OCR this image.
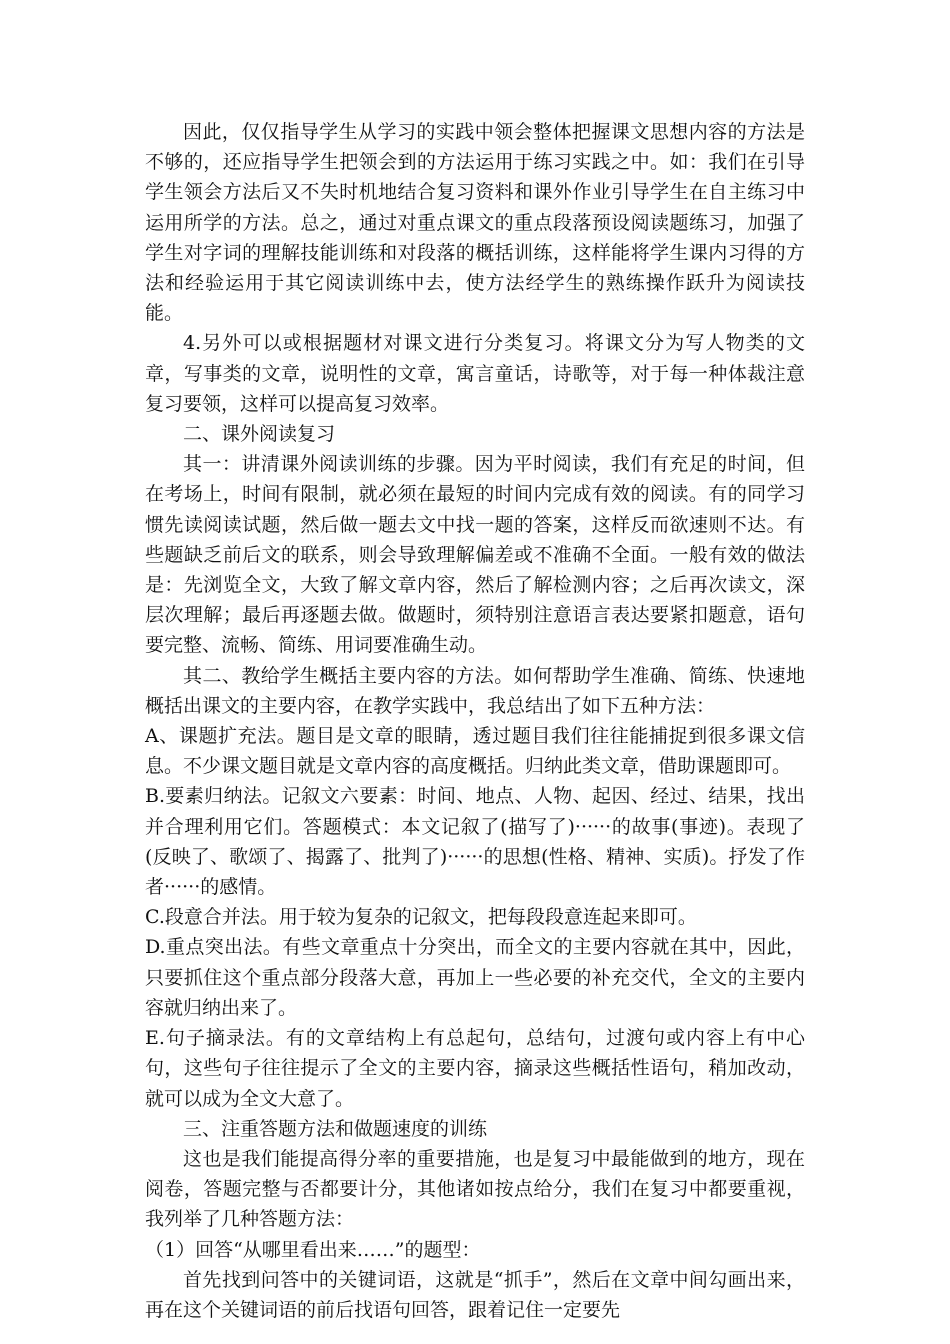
因此，仅仅指导学生从学习的实践中领会整体把握课文思想内容的方法是不够的，还应指导学生把领会到的方法运用于练习实践之中。如：我们在引导学生领会方法后又不失时机地结合复习资料和课外作业引导学生在自主练习中运用所学的方法。总之，通过对重点课文的重点段落预设阅读题练习，加强了学生对字词的理解技能训练和对段落的概括训练，这样能将学生课内习得的方法和经验运用于其它阅读训练中去，使方法经学生的熟练操作跃升为阅读技能。

4.另外可以或根据题材对课文进行分类复习。将课文分为写人物类的文章，写事类的文章，说明性的文章，寓言童话，诗歌等，对于每一种体裁注意复习要领，这样可以提高复习效率。

二、课外阅读复习

其一：讲清课外阅读训练的步骤。因为平时阅读，我们有充足的时间，但在考场上，时间有限制，就必须在最短的时间内完成有效的阅读。有的同学习惯先读阅读试题，然后做一题去文中找一题的答案，这样反而欲速则不达。有些题缺乏前后文的联系，则会导致理解偏差或不准确不全面。一般有效的做法是：先浏览全文，大致了解文章内容，然后了解检测内容；之后再次读文，深层次理解；最后再逐题去做。做题时，须特别注意语言表达要紧扣题意，语句要完整、流畅、简练、用词要准确生动。

其二、教给学生概括主要内容的方法。如何帮助学生准确、简练、快速地概括出课文的主要内容，在教学实践中，我总结出了如下五种方法：

A、课题扩充法。题目是文章的眼睛，透过题目我们往往能捕捉到很多课文信息。不少课文题目就是文章内容的高度概括。归纳此类文章，借助课题即可。

B.要素归纳法。记叙文六要素：时间、地点、人物、起因、经过、结果，找出并合理利用它们。答题模式：本文记叙了(描写了)······的故事(事迹)。表现了(反映了、歌颂了、揭露了、批判了)······的思想(性格、精神、实质)。抒发了作者······的感情。

C.段意合并法。用于较为复杂的记叙文，把每段段意连起来即可。

D.重点突出法。有些文章重点十分突出，而全文的主要内容就在其中，因此，只要抓住这个重点部分段落大意，再加上一些必要的补充交代，全文的主要内容就归纳出来了。

E.句子摘录法。有的文章结构上有总起句，总结句，过渡句或内容上有中心句，这些句子往往提示了全文的主要内容，摘录这些概括性语句，稍加改动，就可以成为全文大意了。

三、注重答题方法和做题速度的训练

这也是我们能提高得分率的重要措施，也是复习中最能做到的地方，现在阅卷，答题完整与否都要计分，其他诸如按点给分，我们在复习中都要重视，我列举了几种答题方法：

（1）回答“从哪里看出来……”的题型：

首先找到问答中的关键词语，这就是“抓手”，然后在文章中间勾画出来，再在这个关键词语的前后找语句回答，跟着记住一定要先
